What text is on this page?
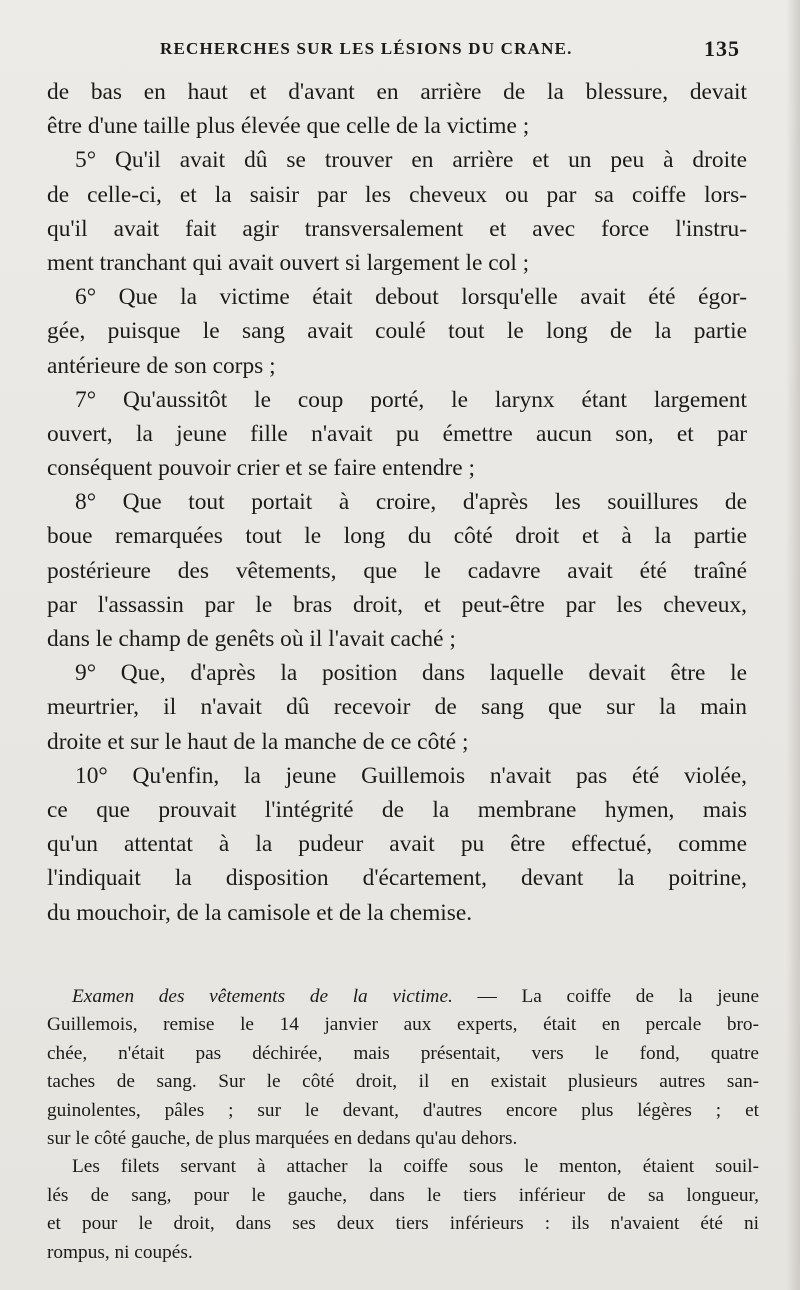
RECHERCHES SUR LES LÉSIONS DU CRANE.	135
de bas en haut et d'avant en arrière de la blessure, devait
être d'une taille plus élevée que celle de la victime ;
5° Qu'il avait dû se trouver en arrière et un peu à droite
de celle-ci, et la saisir par les cheveux ou par sa coiffe lors-
qu'il avait fait agir transversalement et avec force l'instru-
ment tranchant qui avait ouvert si largement le col ;
6° Que la victime était debout lorsqu'elle avait été égor-
gée, puisque le sang avait coulé tout le long de la partie
antérieure de son corps ;
7° Qu'aussitôt le coup porté, le larynx étant largement
ouvert, la jeune fille n'avait pu émettre aucun son, et par
conséquent pouvoir crier et se faire entendre ;
8° Que tout portait à croire, d'après les souillures de
boue remarquées tout le long du côté droit et à la partie
postérieure des vêtements, que le cadavre avait été traîné
par l'assassin par le bras droit, et peut-être par les cheveux,
dans le champ de genêts où il l'avait caché ;
9° Que, d'après la position dans laquelle devait être le
meurtrier, il n'avait dû recevoir de sang que sur la main
droite et sur le haut de la manche de ce côté ;
10° Qu'enfin, la jeune Guillemois n'avait pas été violée,
ce que prouvait l'intégrité de la membrane hymen, mais
qu'un attentat à la pudeur avait pu être effectué, comme
l'indiquait la disposition d'écartement, devant la poitrine,
du mouchoir, de la camisole et de la chemise.
Examen des vêtements de la victime. — La coiffe de la jeune
Guillemois, remise le 14 janvier aux experts, était en percale bro-
chée, n'était pas déchirée, mais présentait, vers le fond, quatre
taches de sang. Sur le côté droit, il en existait plusieurs autres san-
guinolentes, pâles ; sur le devant, d'autres encore plus légères ; et
sur le côté gauche, de plus marquées en dedans qu'au dehors.
Les filets servant à attacher la coiffe sous le menton, étaient souil-
lés de sang, pour le gauche, dans le tiers inférieur de sa longueur,
et pour le droit, dans ses deux tiers inférieurs : ils n'avaient été ni
rompus, ni coupés.
